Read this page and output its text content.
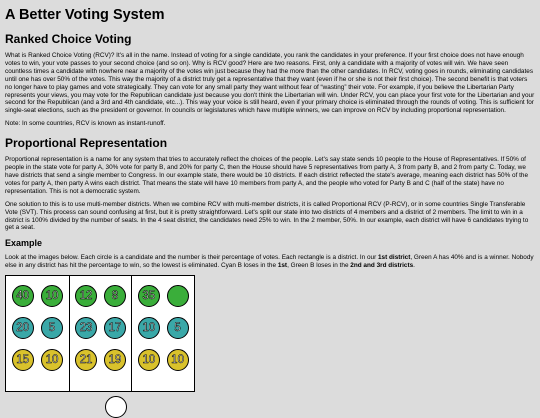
A Better Voting System
Ranked Choice Voting

What is Ranked Choice Voting (RCV)? It's all in the name. Instead of voting for a single candidate, you rank the candidates in your preference. If your first choice does not have enough votes to win, your vote passes to your second choice (and so on). Why is RCV good? Here are two reasons. First, only a candidate with a majority of votes will win. We have seen countless times a candidate with nowhere near a majority of the votes win just because they had the more than the other candidates. In RCV, voting goes in rounds, eliminating candidates until one has over 50% of the votes. This way the majority of a district truly get a representative that they want (even if he or she is not their first choice). The second benefit is that voters no longer have to play games and vote strategically. They can vote for any small party they want without fear of “wasting” their vote. For example, if you believe the Libertarian Party represents your views, you may vote for the Republican candidate just because you don't think the Libertarian will win. Under RCV, you can place your first vote for the Libertarian and your second for the Republican (and a 3rd and 4th candidate, etc...). This way your voice is still heard, even if your primary choice is eliminated through the rounds of voting. This is sufficient for single-seat elections, such as the president or governor. In councils or legislatures which have multiple winners, we can improve on RCV by including proportional representation.

Note: In some countries, RCV is known as instant-runoff.

Proportional Representation

Proportional representation is a name for any system that tries to accurately reflect the choices of the people. Let's say state sends 10 people to the House of Representatives. If 50% of people in the state vote for party A, 30% vote for party B, and 20% for party C, then the House should have 5 representatives from party A, 3 from party B, and 2 from party C. Today, we have districts that send a single member to Congress. In our example state, there would be 10 districts. If each district reflected the state's average, meaning each district has 50% of the votes for party A, then party A wins each district. That means the state will have 10 members from party A, and the people who voted for Party B and C (half of the state) have no representation. This is not a democratic system.

One solution to this is to use multi-member districts. When we combine RCV with multi-member districts, it is called Proportional RCV (P-RCV), or in some countries Single Transferable Vote (SVT). This process can sound confusing at first, but it is pretty straightforward. Let's split our state into two districts of 4 members and a district of 2 members. The limit to win in a district is 100% divided by the number of seats. In the 4 seat district, the candidates need 25% to win. In the 2 member, 50%. In our example, each district will have 6 candidates trying to get a seat.

Example

Look at the images below. Each circle is a candidate and the number is their percentage of votes. Each rectangle is a district. In our 1st district, Green A has 40% and is a winner. Nobody else in any district has hit the percentage to win, so the lowest is eliminated. Cyan B loses in the 1st, Green B loses in the 2nd and 3rd districts.

40	10
20	5
15	10
12	8
23	17
21	19
35
10	5
10	10
